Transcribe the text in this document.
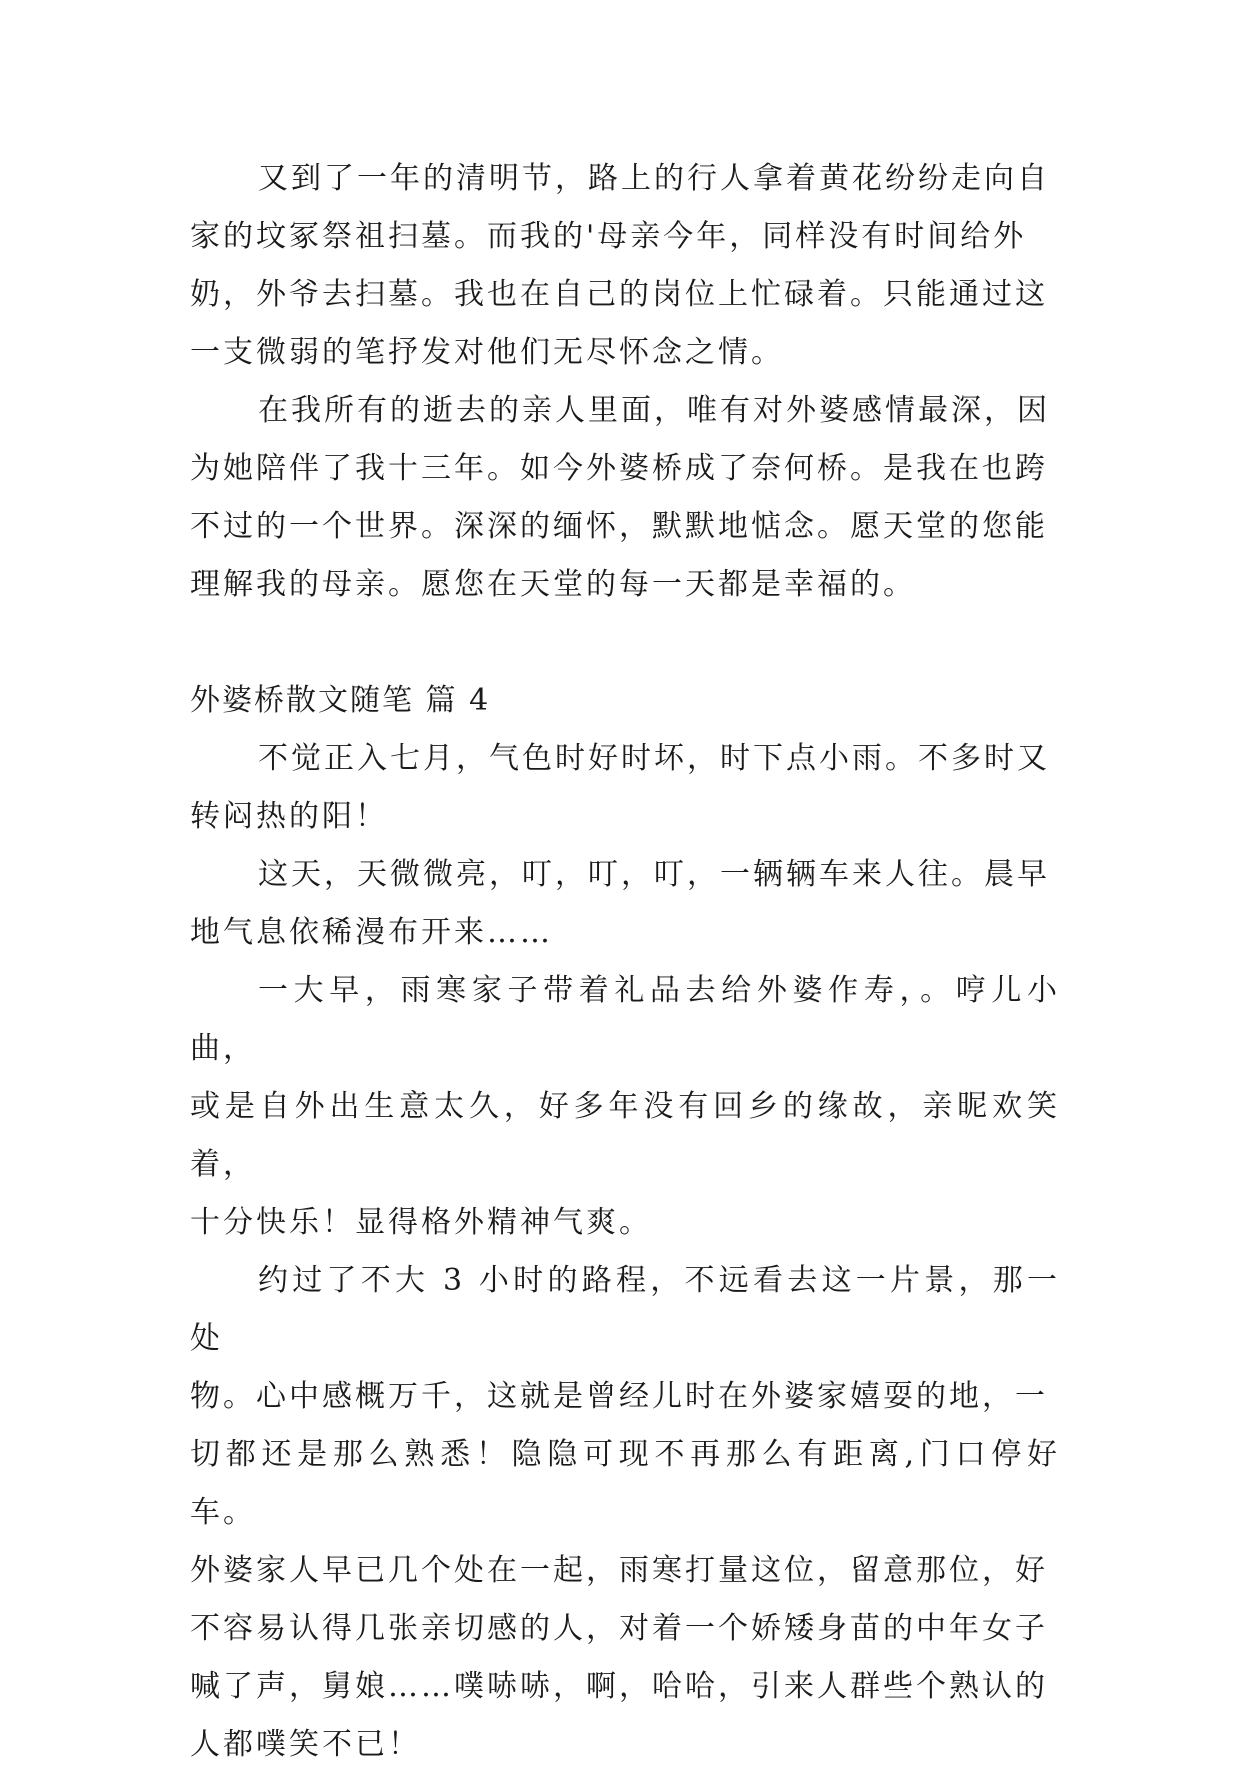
又到了一年的清明节，路上的行人拿着黄花纷纷走向自
家的坟冢祭祖扫墓。而我的'母亲今年，同样没有时间给外
奶，外爷去扫墓。我也在自己的岗位上忙碌着。只能通过这
一支微弱的笔抒发对他们无尽怀念之情。

在我所有的逝去的亲人里面，唯有对外婆感情最深，因
为她陪伴了我十三年。如今外婆桥成了奈何桥。是我在也跨
不过的一个世界。深深的缅怀，默默地惦念。愿天堂的您能
理解我的母亲。愿您在天堂的每一天都是幸福的。

外婆桥散文随笔 篇 4

不觉正入七月，气色时好时坏，时下点小雨。不多时又
转闷热的阳！

这天，天微微亮，叮，叮，叮，一辆辆车来人往。晨早
地气息依稀漫布开来……

一大早，雨寒家子带着礼品去给外婆作寿，。哼儿小曲，
或是自外出生意太久，好多年没有回乡的缘故，亲昵欢笑着，
十分快乐！显得格外精神气爽。

约过了不大 3 小时的路程，不远看去这一片景，那一处
物。心中感概万千，这就是曾经儿时在外婆家嬉耍的地，一
切都还是那么熟悉！隐隐可现不再那么有距离,门口停好车。
外婆家人早已几个处在一起，雨寒打量这位，留意那位，好
不容易认得几张亲切感的人，对着一个娇矮身苗的中年女子
喊了声，舅娘……噗哧哧，啊，哈哈，引来人群些个熟认的
人都噗笑不已！
